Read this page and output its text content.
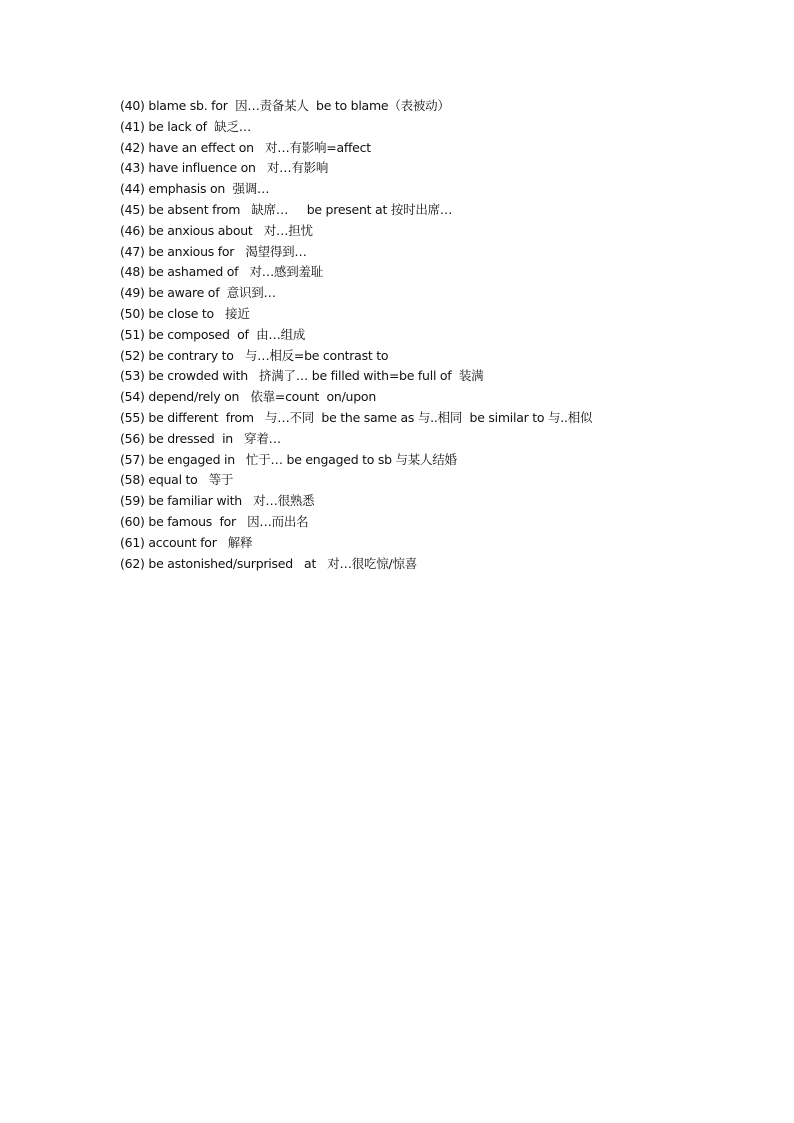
(40) blame sb. for  因…责备某人  be to blame（表被动）
(41) be lack of  缺乏…
(42) have an effect on   对…有影响=affect
(43) have influence on   对…有影响
(44) emphasis on  强调…
(45) be absent from   缺席…     be present at 按时出席…
(46) be anxious about   对…担忧
(47) be anxious for   渴望得到…
(48) be ashamed of   对…感到羞耻
(49) be aware of  意识到…
(50) be close to   接近
(51) be composed  of  由…组成
(52) be contrary to   与…相反=be contrast to
(53) be crowded with   挤满了… be filled with=be full of  装满
(54) depend/rely on   依靠=count  on/upon
(55) be different  from   与…不同  be the same as 与..相同  be similar to 与..相似
(56) be dressed  in   穿着…
(57) be engaged in   忙于… be engaged to sb 与某人结婚
(58) equal to   等于
(59) be familiar with   对…很熟悉
(60) be famous  for   因…而出名
(61) account for   解释
(62) be astonished/surprised   at   对…很吃惊/惊喜
